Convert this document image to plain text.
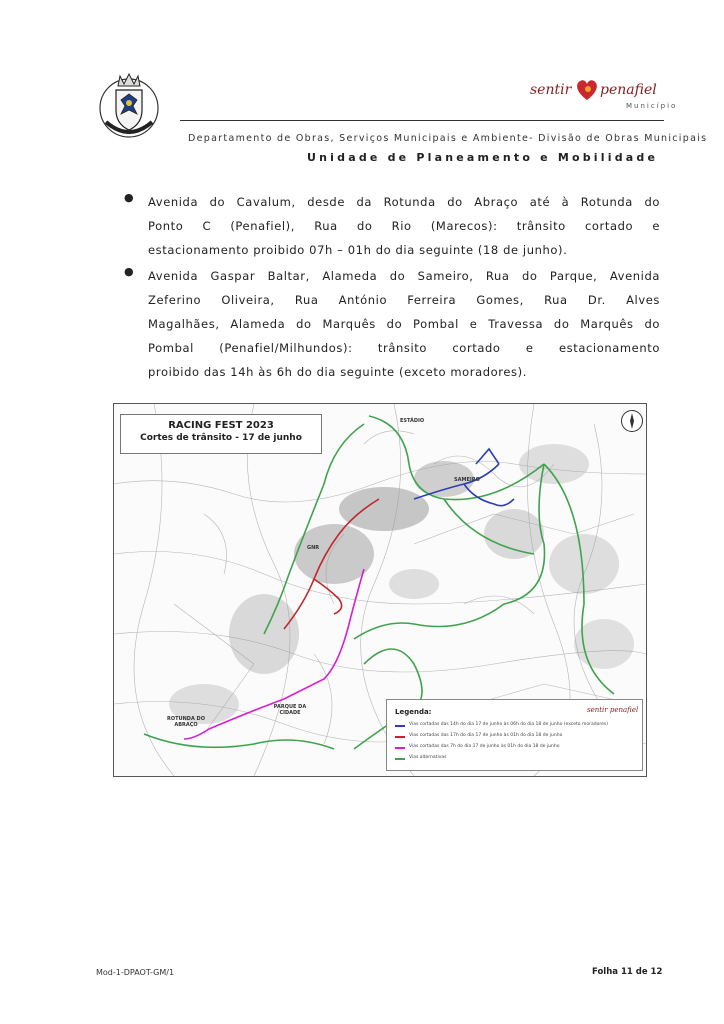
sentir penafiel
Município
Departamento de Obras, Serviços Municipais e Ambiente- Divisão de Obras Municipais
Unidade de Planeamento e Mobilidade
● Avenida do Cavalum, desde da Rotunda do Abraço até à Rotunda do
Ponto C (Penafiel), Rua do Rio (Marecos): trânsito cortado e
estacionamento proibido 07h – 01h do dia seguinte (18 de junho).
● Avenida Gaspar Baltar, Alameda do Sameiro, Rua do Parque, Avenida
Zeferino Oliveira, Rua António Ferreira Gomes, Rua Dr. Alves
Magalhães, Alameda do Marquês do Pombal e Travessa do Marquês do
Pombal (Penafiel/Milhundos): trânsito cortado e estacionamento
proibido das 14h às 6h do dia seguinte (exceto moradores).
RACING FEST 2023
Cortes de trânsito - 17 de junho
ESTÁDIO
SAMEIRO
GNR
ROTUNDA DO ABRAÇO
PARQUE DA CIDADE	Legenda:	sentir penafiel
Vias cortadas das 14h do dia 17 de junho às 06h do dia 18 de junho (exceto moradores)
Vias cortadas das 17h do dia 17 de junho às 01h do dia 18 de junho
Vias cortadas das 7h do dia 17 de junho às 01h do dia 18 de junho
Vias alternativas
Mod-1-DPAOT-GM/1	Folha 11 de 12
